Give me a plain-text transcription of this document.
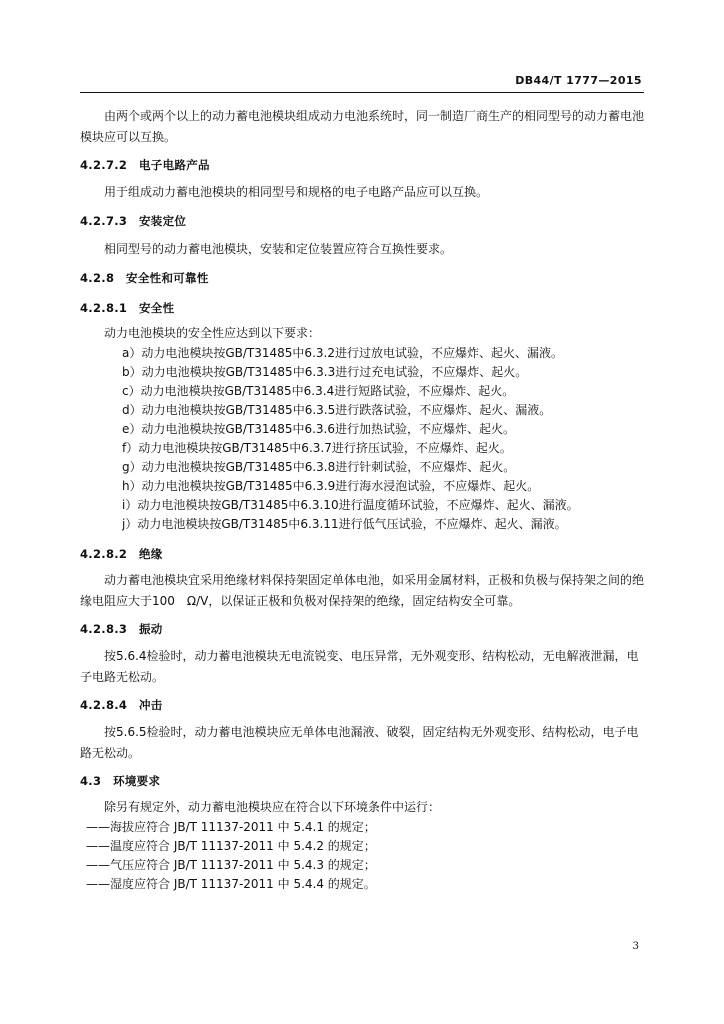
DB44/T 1777—2015

由两个或两个以上的动力蓄电池模块组成动力电池系统时，同一制造厂商生产的相同型号的动力蓄电池模块应可以互换。

4.2.7.2　电子电路产品

用于组成动力蓄电池模块的相同型号和规格的电子电路产品应可以互换。

4.2.7.3　安装定位

相同型号的动力蓄电池模块，安装和定位装置应符合互换性要求。

4.2.8　安全性和可靠性
4.2.8.1　安全性
动力电池模块的安全性应达到以下要求：
a）动力电池模块按GB/T31485中6.3.2进行过放电试验，不应爆炸、起火、漏液。
b）动力电池模块按GB/T31485中6.3.3进行过充电试验，不应爆炸、起火。
c）动力电池模块按GB/T31485中6.3.4进行短路试验，不应爆炸、起火。
d）动力电池模块按GB/T31485中6.3.5进行跌落试验，不应爆炸、起火、漏液。
e）动力电池模块按GB/T31485中6.3.6进行加热试验，不应爆炸、起火。
f）动力电池模块按GB/T31485中6.3.7进行挤压试验，不应爆炸、起火。
g）动力电池模块按GB/T31485中6.3.8进行针刺试验，不应爆炸、起火。
h）动力电池模块按GB/T31485中6.3.9进行海水浸泡试验，不应爆炸、起火。
i）动力电池模块按GB/T31485中6.3.10进行温度循环试验，不应爆炸、起火、漏液。
j）动力电池模块按GB/T31485中6.3.11进行低气压试验，不应爆炸、起火、漏液。
4.2.8.2　绝缘

动力蓄电池模块宜采用绝缘材料保持架固定单体电池，如采用金属材料，正极和负极与保持架之间的绝缘电阻应大于100　Ω/V，以保证正极和负极对保持架的绝缘，固定结构安全可靠。

4.2.8.3　振动

按5.6.4检验时，动力蓄电池模块无电流锐变、电压异常，无外观变形、结构松动，无电解液泄漏，电子电路无松动。

4.2.8.4　冲击

按5.6.5检验时，动力蓄电池模块应无单体电池漏液、破裂，固定结构无外观变形、结构松动，电子电路无松动。

4.3　环境要求
除另有规定外，动力蓄电池模块应在符合以下环境条件中运行：
——海拔应符合 JB/T 11137-2011 中 5.4.1 的规定；
——温度应符合 JB/T 11137-2011 中 5.4.2 的规定；
——气压应符合 JB/T 11137-2011 中 5.4.3 的规定；
——湿度应符合 JB/T 11137-2011 中 5.4.4 的规定。
3
